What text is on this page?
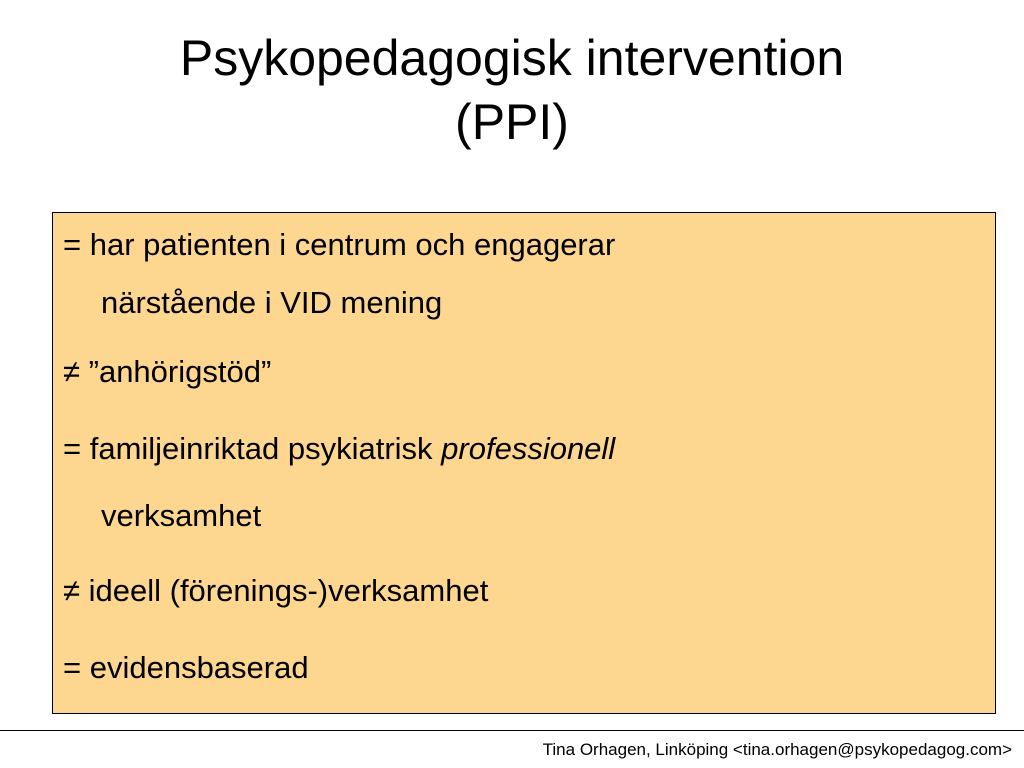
Psykopedagogisk intervention
(PPI)
= har patienten i centrum och engagerar
närstående i VID mening
≠ ”anhörigstöd”
= familjeinriktad psykiatrisk professionell
verksamhet
≠ ideell (förenings-)verksamhet
= evidensbaserad
Tina Orhagen, Linköping <tina.orhagen@psykopedagog.com>
